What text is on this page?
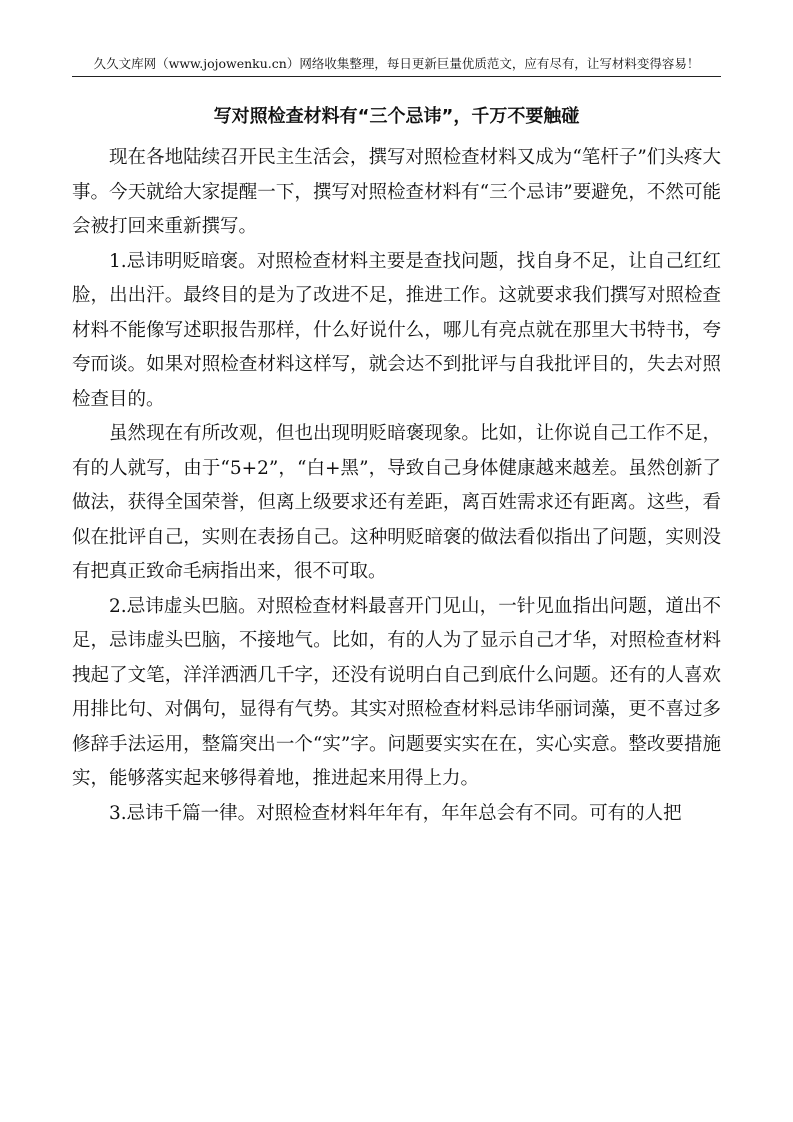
久久文库网（www.jojowenku.cn）网络收集整理，每日更新巨量优质范文，应有尽有，让写材料变得容易！
写对照检查材料有“三个忌讳”，千万不要触碰

现在各地陆续召开民主生活会，撰写对照检查材料又成为“笔杆子”们头疼大事。今天就给大家提醒一下，撰写对照检查材料有“三个忌讳”要避免，不然可能会被打回来重新撰写。

1.忌讳明贬暗褒。对照检查材料主要是查找问题，找自身不足，让自己红红脸，出出汗。最终目的是为了改进不足，推进工作。这就要求我们撰写对照检查材料不能像写述职报告那样，什么好说什么，哪儿有亮点就在那里大书特书，夸夸而谈。如果对照检查材料这样写，就会达不到批评与自我批评目的，失去对照检查目的。

虽然现在有所改观，但也出现明贬暗褒现象。比如，让你说自己工作不足，有的人就写，由于“5+2”，“白+黑”，导致自己身体健康越来越差。虽然创新了做法，获得全国荣誉，但离上级要求还有差距，离百姓需求还有距离。这些，看似在批评自己，实则在表扬自己。这种明贬暗褒的做法看似指出了问题，实则没有把真正致命毛病指出来，很不可取。

2.忌讳虚头巴脑。对照检查材料最喜开门见山，一针见血指出问题，道出不足，忌讳虚头巴脑，不接地气。比如，有的人为了显示自己才华，对照检查材料拽起了文笔，洋洋洒洒几千字，还没有说明白自己到底什么问题。还有的人喜欢用排比句、对偶句，显得有气势。其实对照检查材料忌讳华丽词藻，更不喜过多修辞手法运用，整篇突出一个“实”字。问题要实实在在，实心实意。整改要措施实，能够落实起来够得着地，推进起来用得上力。

3.忌讳千篇一律。对照检查材料年年有，年年总会有不同。可有的人把
